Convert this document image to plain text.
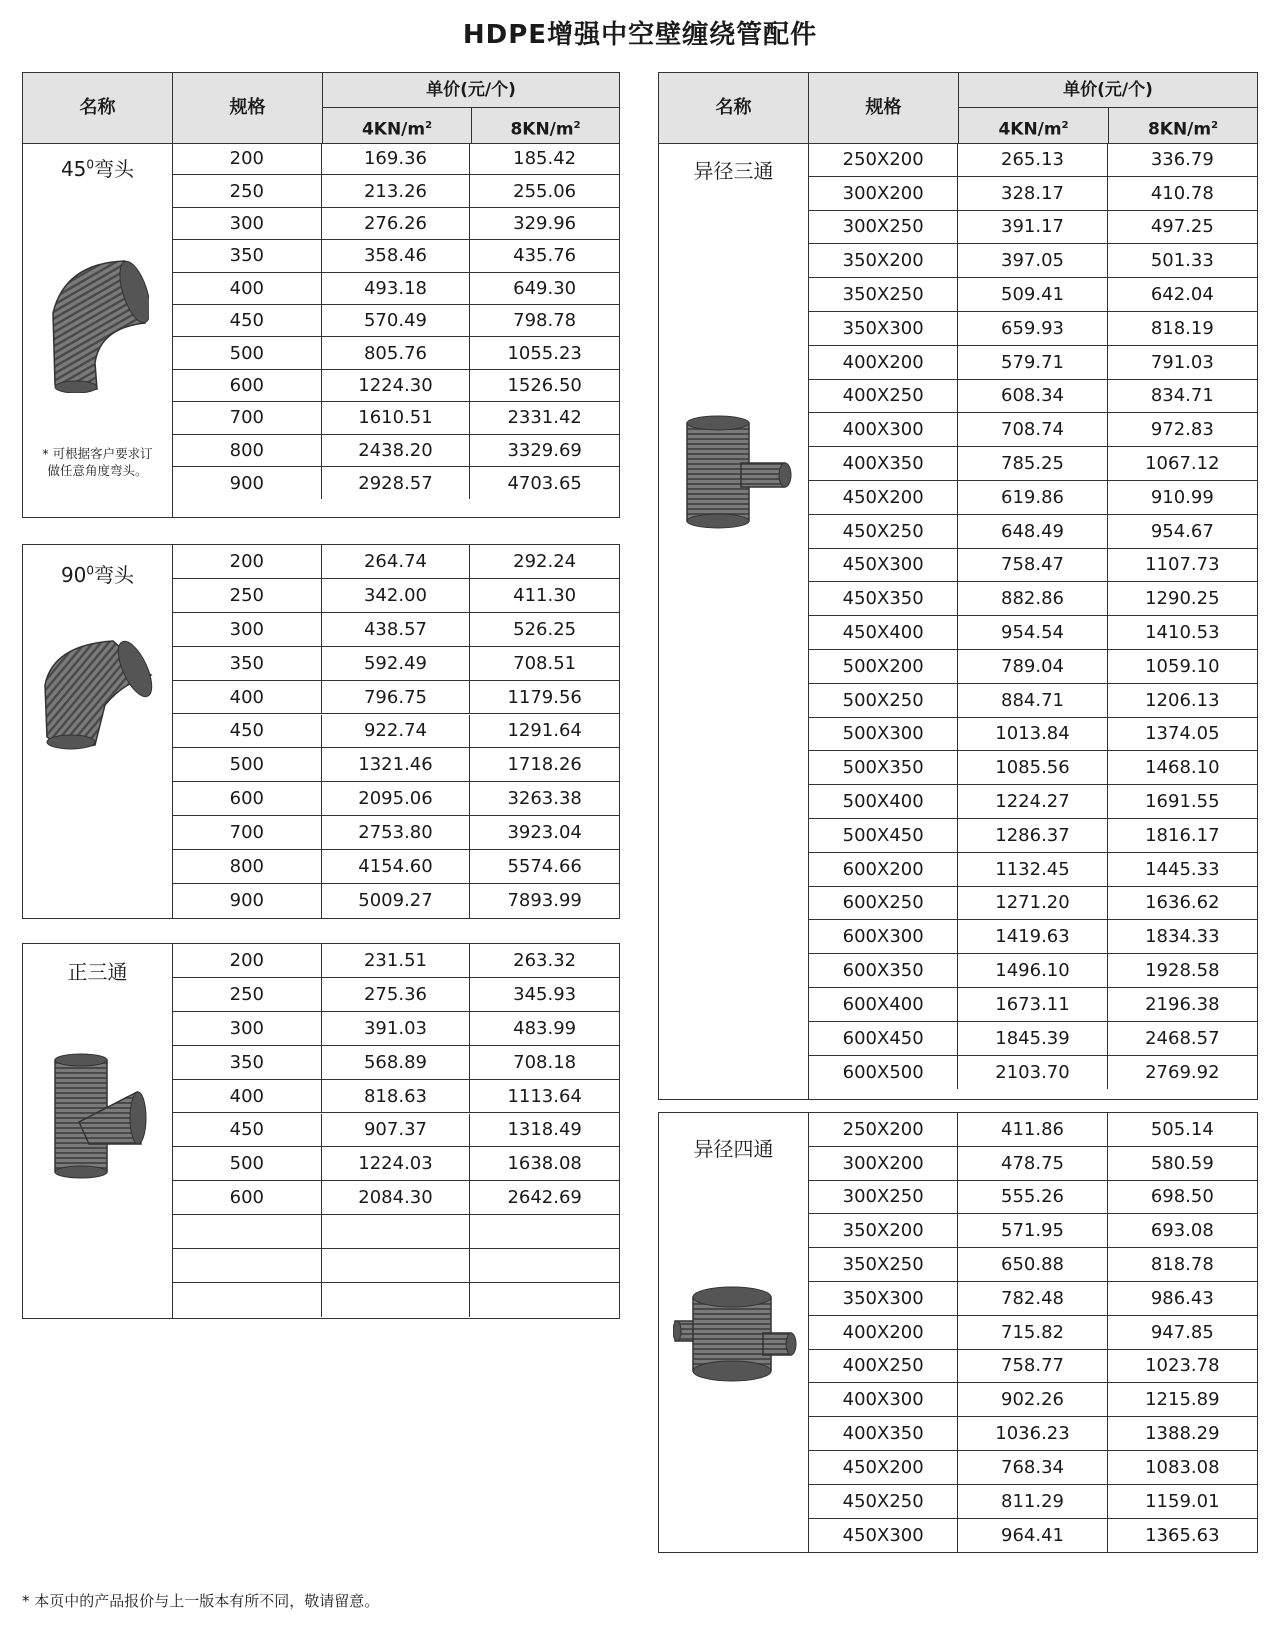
HDPE增强中空壁缠绕管配件
名称	规格
单价(元/个)
$4KN/m^2$	$8KN/m^2$
$45^0$弯头
* 可根据客户要求订
做任意角度弯头。
200	169.36	185.42
250	213.26	255.06
300	276.26	329.96
350	358.46	435.76
400	493.18	649.30
450	570.49	798.78
500	805.76	1055.23
600	1224.30	1526.50
700	1610.51	2331.42
800	2438.20	3329.69
900	2928.57	4703.65
$90^0$弯头
200	264.74	292.24
250	342.00	411.30
300	438.57	526.25
350	592.49	708.51
400	796.75	1179.56
450	922.74	1291.64
500	1321.46	1718.26
600	2095.06	3263.38
700	2753.80	3923.04
800	4154.60	5574.66
900	5009.27	7893.99
正三通	200	231.51	263.32
250	275.36	345.93
300	391.03	483.99
350	568.89	708.18
400	818.63	1113.64
450	907.37	1318.49
500	1224.03	1638.08
600	2084.30	2642.69
名称	规格
单价(元/个)
$4KN/m^2$	$8KN/m^2$
异径三通	250X200	265.13	336.79
300X200	328.17	410.78
300X250	391.17	497.25
350X200	397.05	501.33
350X250	509.41	642.04
350X300	659.93	818.19
400X200	579.71	791.03
400X250	608.34	834.71
400X300	708.74	972.83
400X350	785.25	1067.12
450X200	619.86	910.99
450X250	648.49	954.67
450X300	758.47	1107.73
450X350	882.86	1290.25
450X400	954.54	1410.53
500X200	789.04	1059.10
500X250	884.71	1206.13
500X300	1013.84	1374.05
500X350	1085.56	1468.10
500X400	1224.27	1691.55
500X450	1286.37	1816.17
600X200	1132.45	1445.33
600X250	1271.20	1636.62
600X300	1419.63	1834.33
600X350	1496.10	1928.58
600X400	1673.11	2196.38
600X450	1845.39	2468.57
600X500	2103.70	2769.92
异径四通
250X200	411.86	505.14
300X200	478.75	580.59
300X250	555.26	698.50
350X200	571.95	693.08
350X250	650.88	818.78
350X300	782.48	986.43
400X200	715.82	947.85
400X250	758.77	1023.78
400X300	902.26	1215.89
400X350	1036.23	1388.29
450X200	768.34	1083.08
450X250	811.29	1159.01
450X300	964.41	1365.63
* 本页中的产品报价与上一版本有所不同，敬请留意。
